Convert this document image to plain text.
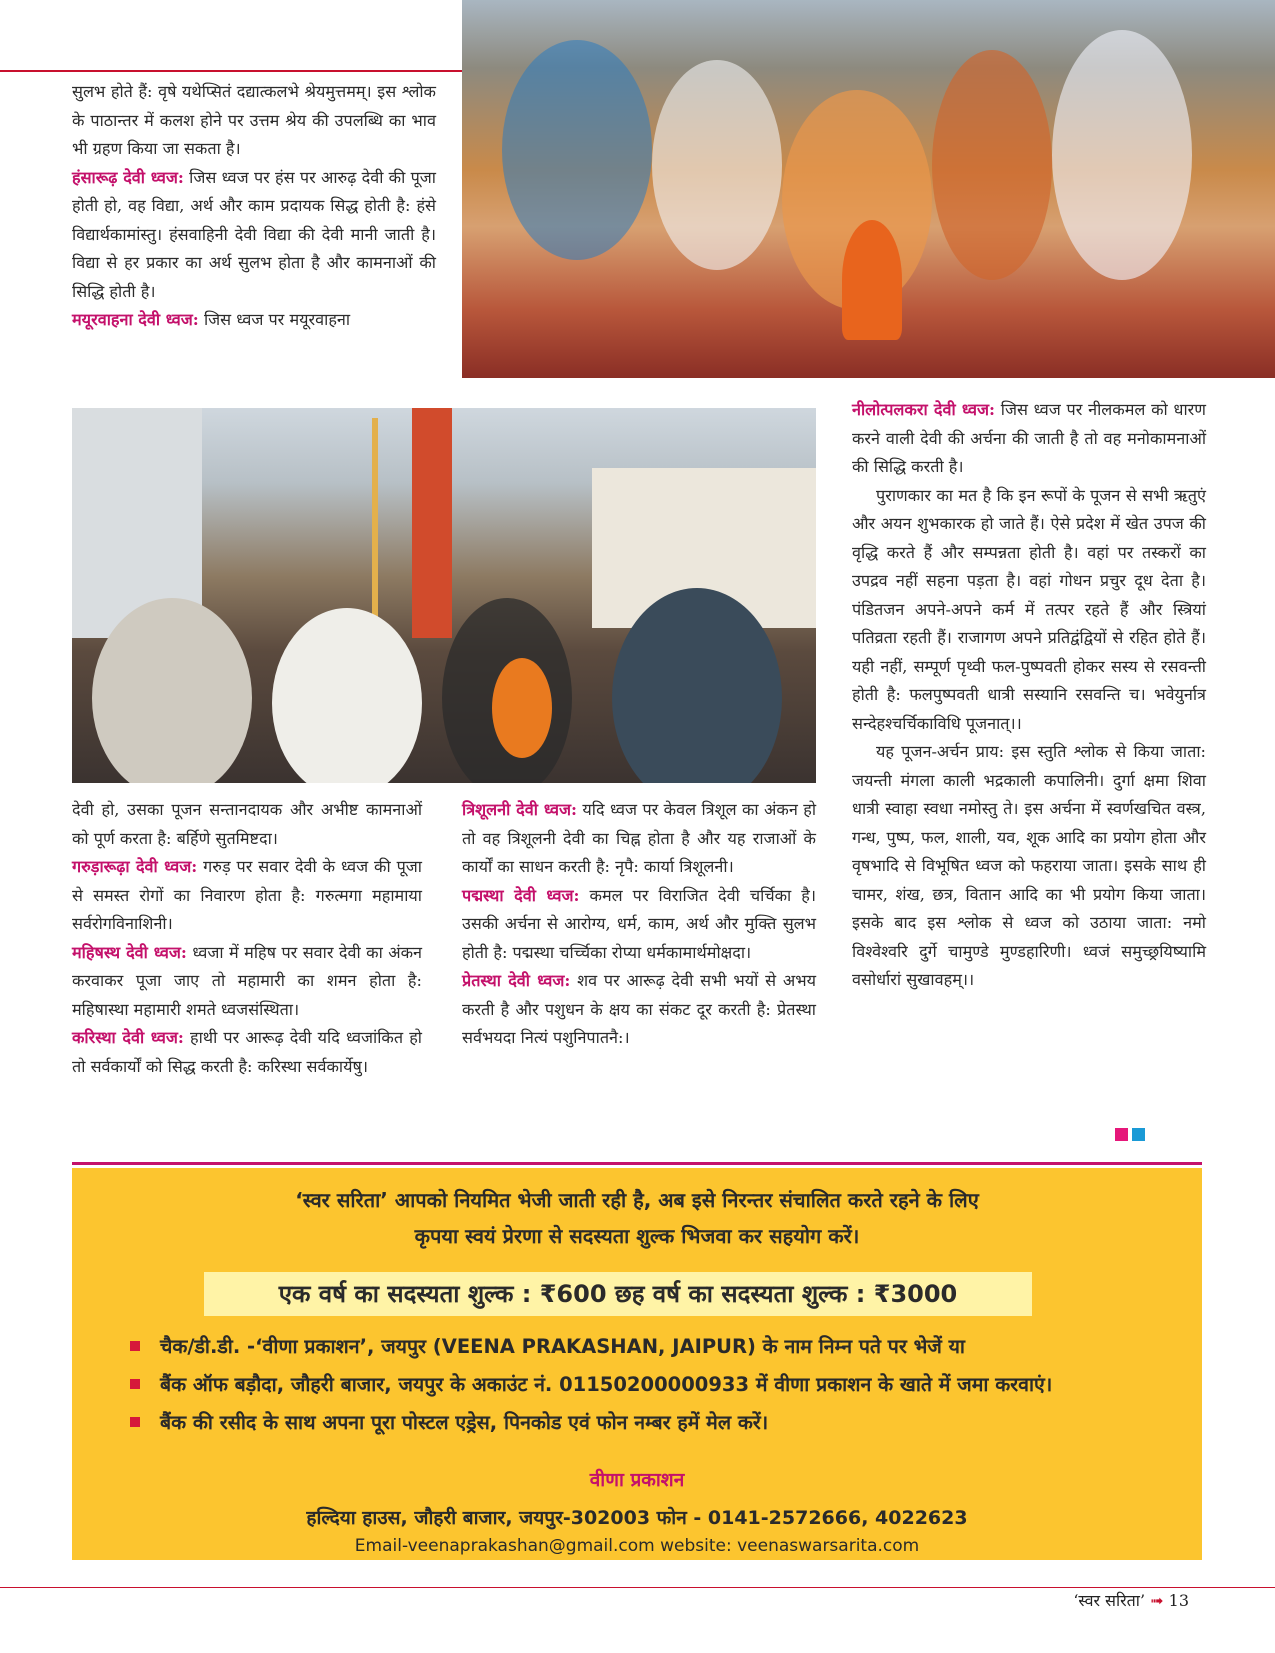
सुलभ होते हैं: वृषे यथेप्सितं दद्यात्कलभे श्रेयमुत्तमम्। इस श्लोक के पाठान्तर में कलश होने पर उत्तम श्रेय की उपलब्धि का भाव भी ग्रहण किया जा सकता है।

हंसारूढ़ देवी ध्वज: जिस ध्वज पर हंस पर आरुढ़ देवी की पूजा होती हो, वह विद्या, अर्थ और काम प्रदायक सिद्ध होती है: हंसे विद्यार्थकामांस्तु। हंसवाहिनी देवी विद्या की देवी मानी जाती है। विद्या से हर प्रकार का अर्थ सुलभ होता है और कामनाओं की सिद्धि होती है।

मयूरवाहना देवी ध्वज: जिस ध्वज पर मयूरवाहना

देवी हो, उसका पूजन सन्तानदायक और अभीष्ट कामनाओं को पूर्ण करता है: बर्हिणे सुतमिष्टदा।

गरुड़ारूढ़ा देवी ध्वज: गरुड़ पर सवार देवी के ध्वज की पूजा से समस्त रोगों का निवारण होता है: गरुत्मगा महामाया सर्वरोगविनाशिनी।

महिषस्थ देवी ध्वज: ध्वजा में महिष पर सवार देवी का अंकन करवाकर पूजा जाए तो महामारी का शमन होता है: महिषास्था महामारी शमते ध्वजसंस्थिता।

करिस्था देवी ध्वज: हाथी पर आरूढ़ देवी यदि ध्वजांकित हो तो सर्वकार्यों को सिद्ध करती है: करिस्था सर्वकार्येषु।

त्रिशूलनी देवी ध्वज: यदि ध्वज पर केवल त्रिशूल का अंकन हो तो वह त्रिशूलनी देवी का चिह्न होता है और यह राजाओं के कार्यों का साधन करती है: नृपै: कार्या त्रिशूलनी।

पद्मस्था देवी ध्वज: कमल पर विराजित देवी चर्चिका है। उसकी अर्चना से आरोग्य, धर्म, काम, अर्थ और मुक्ति सुलभ होती है: पद्मस्था चर्च्चिका रोप्या धर्मकामार्थमोक्षदा।

प्रेतस्था देवी ध्वज: शव पर आरूढ़ देवी सभी भयों से अभय करती है और पशुधन के क्षय का संकट दूर करती है: प्रेतस्था सर्वभयदा नित्यं पशुनिपातनै:।

नीलोत्पलकरा देवी ध्वज: जिस ध्वज पर नीलकमल को धारण करने वाली देवी की अर्चना की जाती है तो वह मनोकामनाओं की सिद्धि करती है।

पुराणकार का मत है कि इन रूपों के पूजन से सभी ऋतुएं और अयन शुभकारक हो जाते हैं। ऐसे प्रदेश में खेत उपज की वृद्धि करते हैं और सम्पन्नता होती है। वहां पर तस्करों का उपद्रव नहीं सहना पड़ता है। वहां गोधन प्रचुर दूध देता है। पंडितजन अपने-अपने कर्म में तत्पर रहते हैं और स्त्रियां पतिव्रता रहती हैं। राजागण अपने प्रतिद्वंद्वियों से रहित होते हैं। यही नहीं, सम्पूर्ण पृथ्वी फल-पुष्पवती होकर सस्य से रसवन्ती होती है: फलपुष्पवती धात्री सस्यानि रसवन्ति च। भवेयुर्नात्र सन्देहश्चर्चिकाविधि पूजनात्।।

यह पूजन-अर्चन प्राय: इस स्तुति श्लोक से किया जाता: जयन्ती मंगला काली भद्रकाली कपालिनी। दुर्गा क्षमा शिवा धात्री स्वाहा स्वधा नमोस्तु ते। इस अर्चना में स्वर्णखचित वस्त्र, गन्ध, पुष्प, फल, शाली, यव, शूक आदि का प्रयोग होता और वृषभादि से विभूषित ध्वज को फहराया जाता। इसके साथ ही चामर, शंख, छत्र, वितान आदि का भी प्रयोग किया जाता। इसके बाद इस श्लोक से ध्वज को उठाया जाता: नमो विश्वेश्वरि दुर्गे चामुण्डे मुण्डहारिणी। ध्वजं समुच्छ्रयिष्यामि वसोर्धारां सुखावहम्।।

‘स्वर सरिता’ आपको नियमित भेजी जाती रही है, अब इसे निरन्तर संचालित करते रहने के लिए
कृपया स्वयं प्रेरणा से सदस्यता शुल्क भिजवा कर सहयोग करें।
एक वर्ष का सदस्यता शुल्क : ₹600 छह वर्ष का सदस्यता शुल्क : ₹3000
चैक/डी.डी. -‘वीणा प्रकाशन’, जयपुर (VEENA PRAKASHAN, JAIPUR) के नाम निम्न पते पर भेजें या
बैंक ऑफ बड़ौदा, जौहरी बाजार, जयपुर के अकाउंट नं. 01150200000933 में वीणा प्रकाशन के खाते में जमा करवाएं।
बैंक की रसीद के साथ अपना पूरा पोस्टल एड्रेस, पिनकोड एवं फोन नम्बर हमें मेल करें।
वीणा प्रकाशन
हल्दिया हाउस, जौहरी बाजार, जयपुर-302003 फोन - 0141-2572666, 4022623
Email-veenaprakashan@gmail.com website: veenaswarsarita.com
‘स्वर सरिता’ ➟ 13
